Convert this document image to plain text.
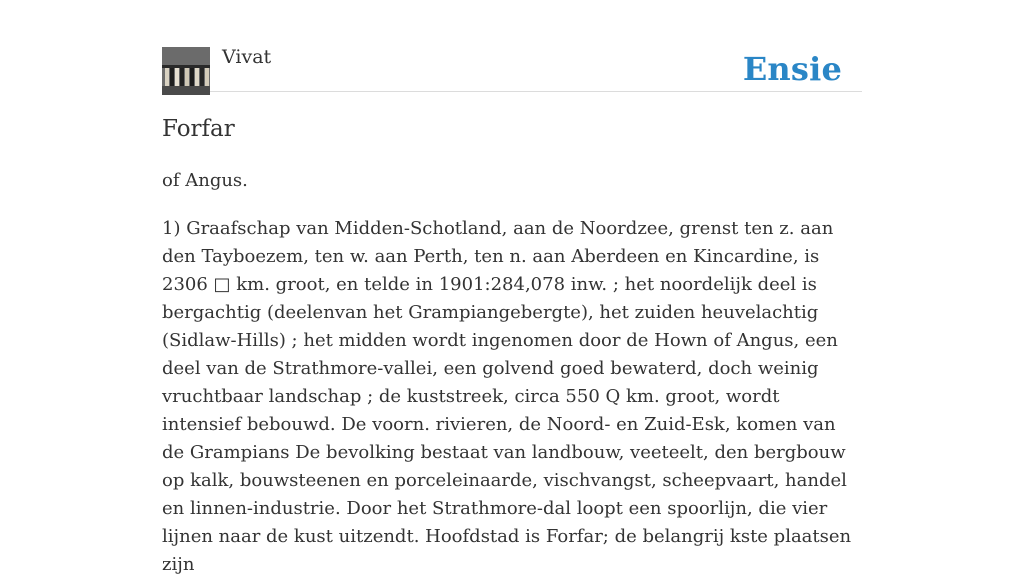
Vivat	Ensie
Forfar

of Angus.

1) Graafschap van Midden-Schotland, aan de Noordzee, grenst ten z. aan den Tayboezem, ten w. aan Perth, ten n. aan Aberdeen en Kincardine, is 2306 □ km. groot, en telde in 1901:284,078 inw. ; het noordelijk deel is bergachtig (deelenvan het Grampiangebergte), het zuiden heuvelachtig (Sidlaw-Hills) ; het midden wordt ingenomen door de Hown of Angus, een deel van de Strathmore-vallei, een golvend goed bewaterd, doch weinig vruchtbaar landschap ; de kuststreek, circa 550 Q km. groot, wordt intensief bebouwd. De voorn. rivieren, de Noord- en Zuid-Esk, komen van de Grampians De bevolking bestaat van landbouw, veeteelt, den bergbouw op kalk, bouwsteenen en porceleinaarde, vischvangst, scheepvaart, handel en linnen-industrie. Door het Strathmore-dal loopt een spoorlijn, die vier lijnen naar de kust uitzendt. Hoofdstad is Forfar; de belangrij kste plaatsen zijn
